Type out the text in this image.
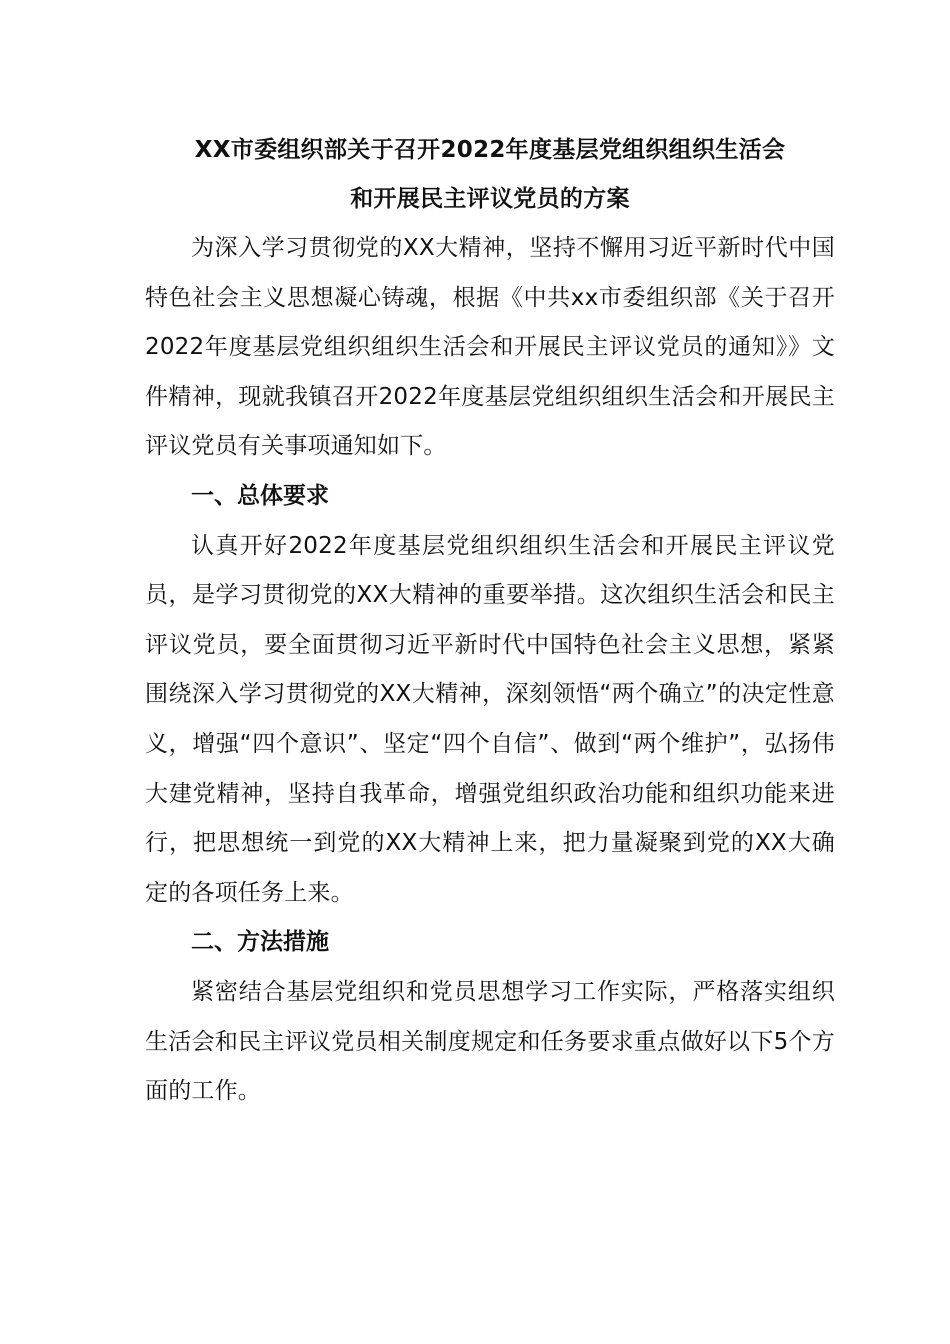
XX市委组织部关于召开2022年度基层党组织组织生活会
和开展民主评议党员的方案

为深入学习贯彻党的XX大精神，坚持不懈用习近平新时代中国特色社会主义思想凝心铸魂，根据《中共xx市委组织部《关于召开2022年度基层党组织组织生活会和开展民主评议党员的通知》》文件精神，现就我镇召开2022年度基层党组织组织生活会和开展民主评议党员有关事项通知如下。

一、总体要求

认真开好2022年度基层党组织组织生活会和开展民主评议党员，是学习贯彻党的XX大精神的重要举措。这次组织生活会和民主评议党员，要全面贯彻习近平新时代中国特色社会主义思想，紧紧围绕深入学习贯彻党的XX大精神，深刻领悟“两个确立”的决定性意义，增强“四个意识”、坚定“四个自信”、做到“两个维护”，弘扬伟大建党精神，坚持自我革命，增强党组织政治功能和组织功能来进行，把思想统一到党的XX大精神上来，把力量凝聚到党的XX大确定的各项任务上来。

二、方法措施

紧密结合基层党组织和党员思想学习工作实际，严格落实组织生活会和民主评议党员相关制度规定和任务要求重点做好以下5个方面的工作。
